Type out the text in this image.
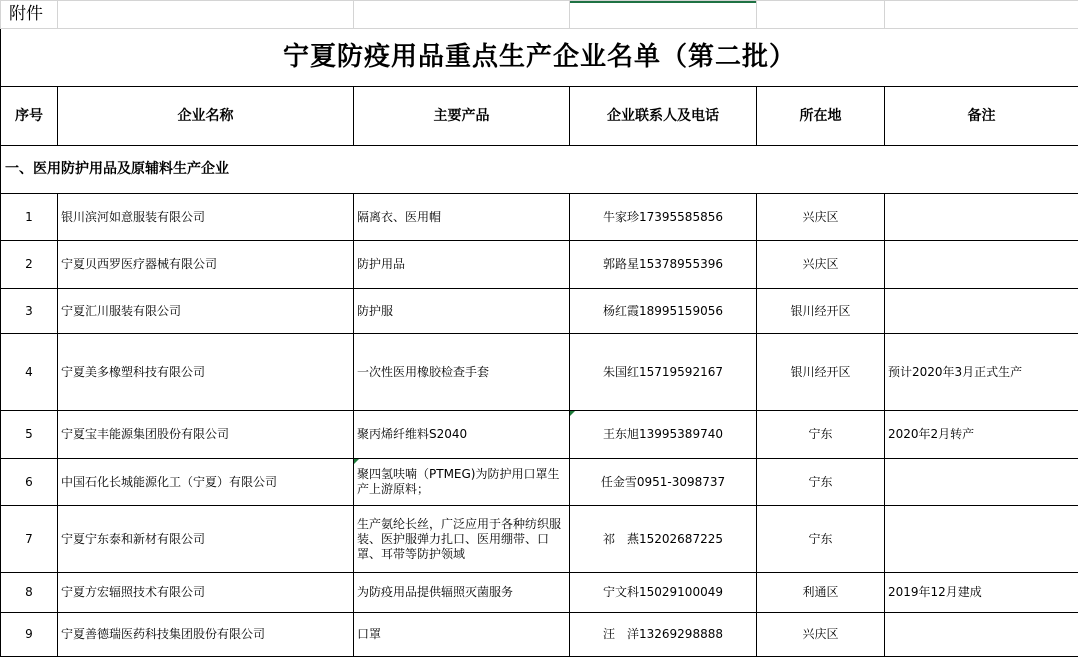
附件			

宁夏防疫用品重点生产企业名单（第二批）					
序号	企业名称	主要产品	企业联系人及电话	所在地	备注
一、医用防护用品及原辅料生产企业					
1	银川滨河如意服装有限公司	隔离衣、医用帽	牛家珍17395585856	兴庆区	
2	宁夏贝西罗医疗器械有限公司	防护用品	郭路星15378955396	兴庆区	
3	宁夏汇川服装有限公司	防护服	杨红霞18995159056	银川经开区	
4	宁夏美多橡塑科技有限公司	一次性医用橡胶检查手套	朱国红15719592167	银川经开区	预计2020年3月正式生产
5	宁夏宝丰能源集团股份有限公司	聚丙烯纤维料S2040	王东旭13995389740	宁东	2020年2月转产
6	中国石化长城能源化工（宁夏）有限公司	聚四氢呋喃（PTMEG)为防护用口罩生产上游原料；	任金雪0951-3098737	宁东	
7	宁夏宁东泰和新材有限公司	生产氨纶长丝，广泛应用于各种纺织服装、医护服弹力扎口、医用绷带、口罩、耳带等防护领域	祁　燕15202687225	宁东	
8	宁夏方宏辐照技术有限公司	为防疫用品提供辐照灭菌服务	宁文科15029100049	利通区	2019年12月建成
9	宁夏善德瑞医药科技集团股份有限公司	口罩	汪　洋13269298888	兴庆区	
